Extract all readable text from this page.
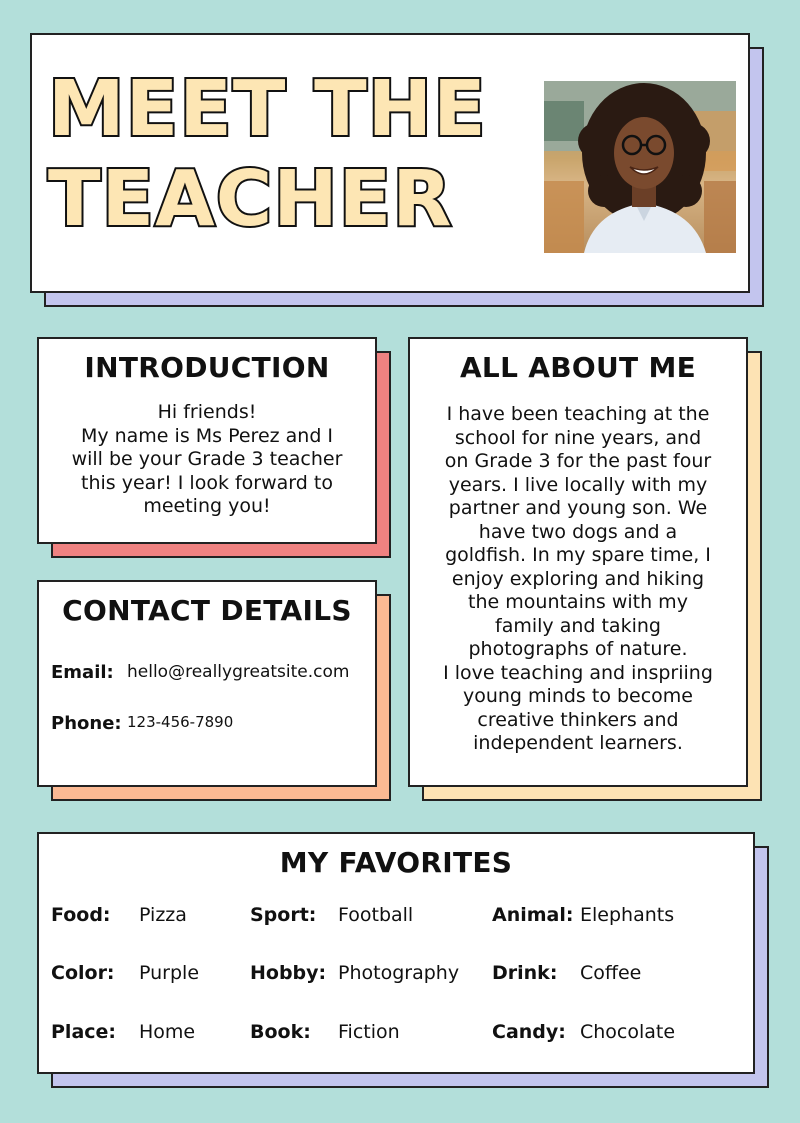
MEET THE
TEACHER
INTRODUCTION
Hi friends!
My name is Ms Perez and I
will be your Grade 3 teacher
this year! I look forward to
meeting you!
CONTACT DETAILS
Email: hello@reallygreatsite.com
Phone: 123-456-7890
ALL ABOUT ME
I have been teaching at the
school for nine years, and
on Grade 3 for the past four
years. I live locally with my
partner and young son. We
have two dogs and a
goldfish. In my spare time, I
enjoy exploring and hiking
the mountains with my
family and taking
photographs of nature.
I love teaching and inspriing
young minds to become
creative thinkers and
independent learners.
MY FAVORITES
Food: Pizza	Sport: Football	Animal: Elephants
Color: Purple	Hobby: Photography Drink: Coffee
Place: Home	Book: Fiction	Candy: Chocolate
